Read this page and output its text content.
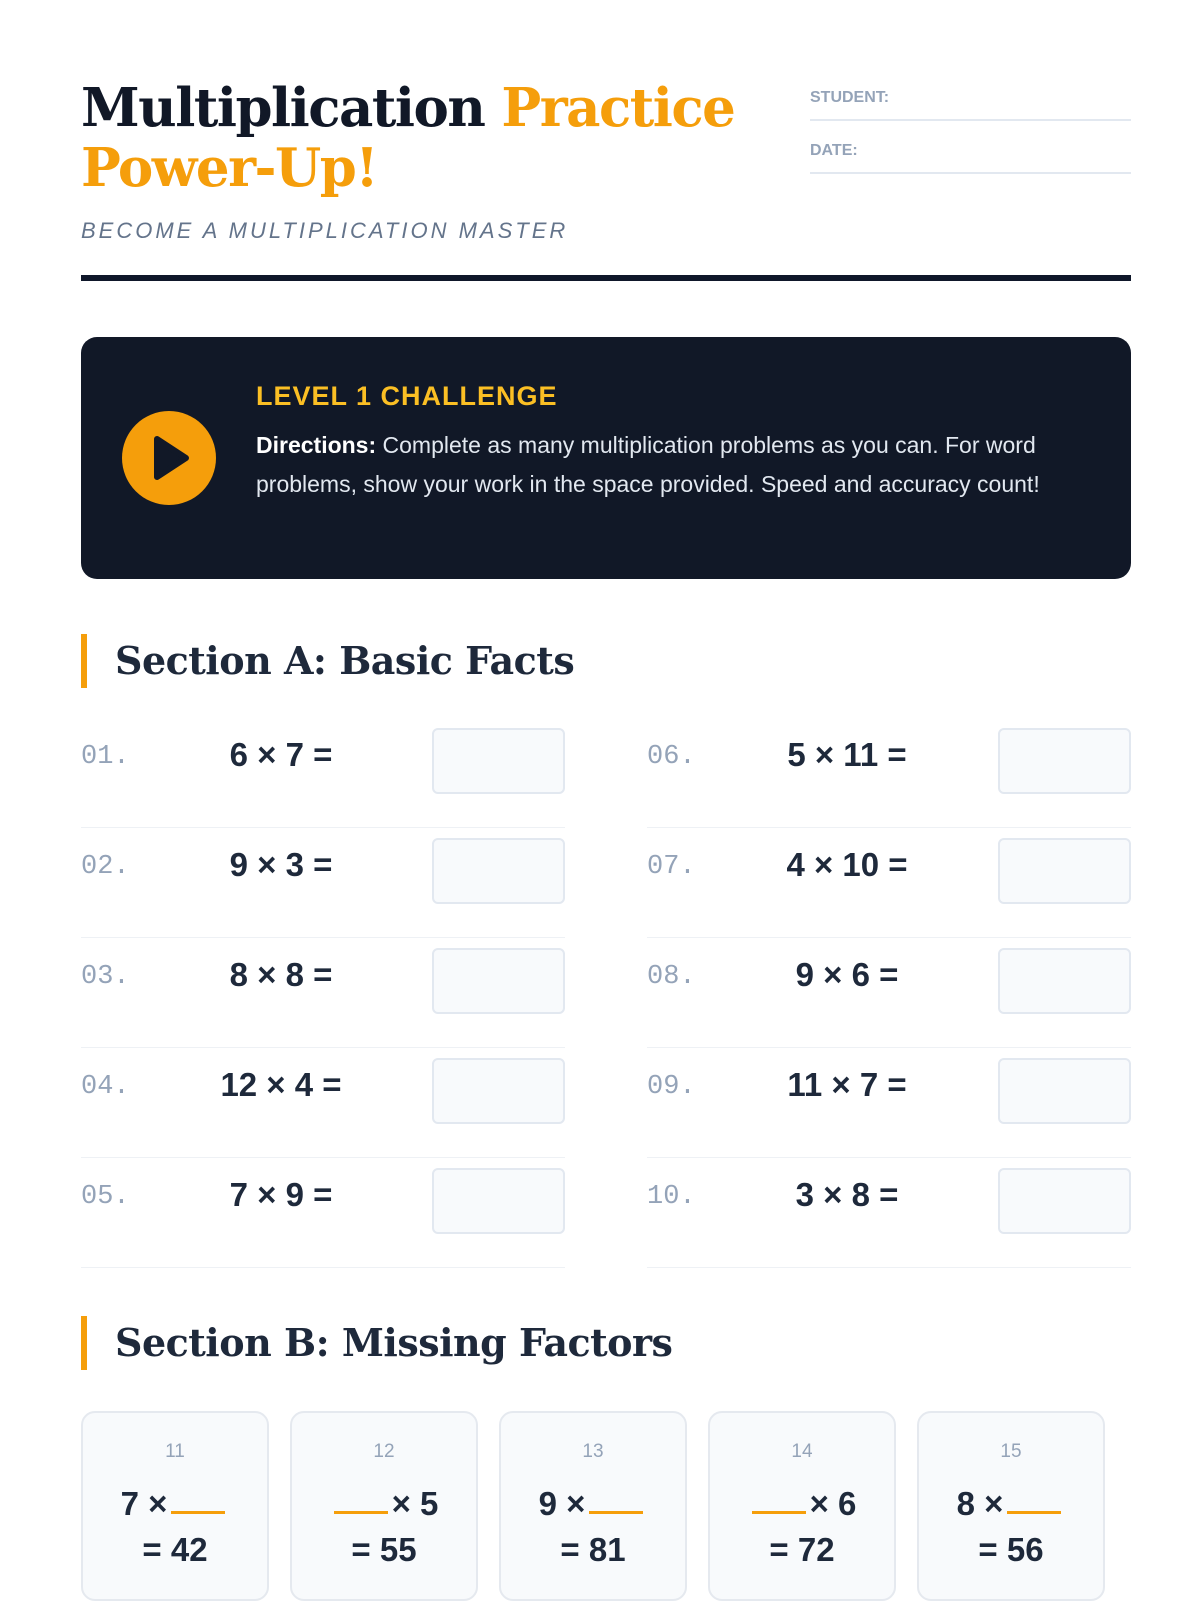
Multiplication Practice Power-Up!
BECOME A MULTIPLICATION MASTER
STUDENT:
DATE:
LEVEL 1 CHALLENGE
Directions: Complete as many multiplication problems as you can. For word problems, show your work in the space provided. Speed and accuracy count!
Section A: Basic Facts
01.	6 × 7 =
02.	9 × 3 =
03.	8 × 8 =
04.	12 × 4 =
05.	7 × 9 =
06.	5 × 11 =
07.	4 × 10 =
08.	9 × 6 =
09.	11 × 7 =
10.	3 × 8 =
Section B: Missing Factors
11
7 ×
= 42
12
× 5
= 55
13
9 ×
= 81
14
× 6
= 72
15
8 ×
= 56
